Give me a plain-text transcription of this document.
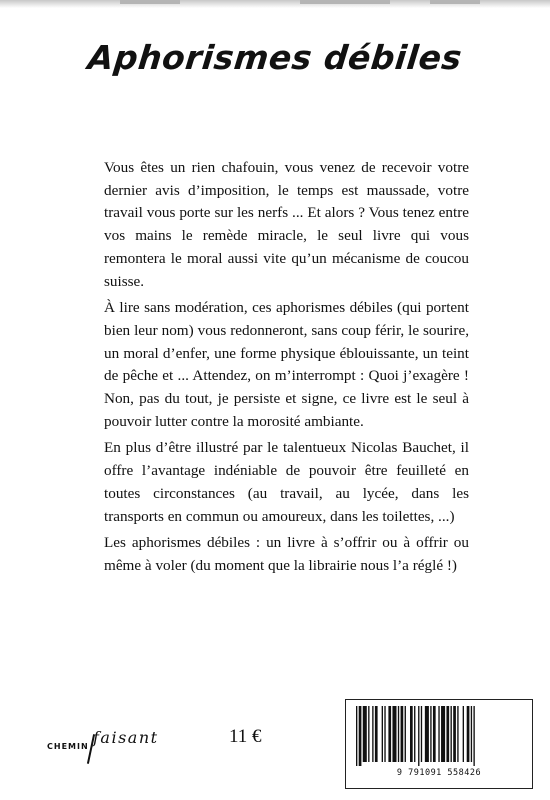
Aphorismes débiles

Vous êtes un rien chafouin, vous venez de recevoir votre dernier avis d’imposition, le temps est maussade, votre travail vous porte sur les nerfs ... Et alors ? Vous tenez entre vos mains le remède miracle, le seul livre qui vous remontera le moral aussi vite qu’un mécanisme de coucou suisse.

À lire sans modération, ces aphorismes débiles (qui portent bien leur nom) vous redonneront, sans coup férir, le sourire, un moral d’enfer, une forme physique éblouissante, un teint de pêche et ... Attendez, on m’interrompt : Quoi j’exagère ! Non, pas du tout, je persiste et signe, ce livre est le seul à pouvoir lutter contre la morosité ambiante.

En plus d’être illustré par le talentueux Nicolas Bauchet, il offre l’avantage indéniable de pouvoir être feuilleté en toutes circonstances (au travail, au lycée, dans les transports en commun ou amoureux, dans les toilettes, ...)

Les aphorismes débiles : un livre à s’offrir ou à offrir ou même à voler (du moment que la librairie nous l’a réglé !)

CHEMIN faisant	11 €
9 791091 558426
